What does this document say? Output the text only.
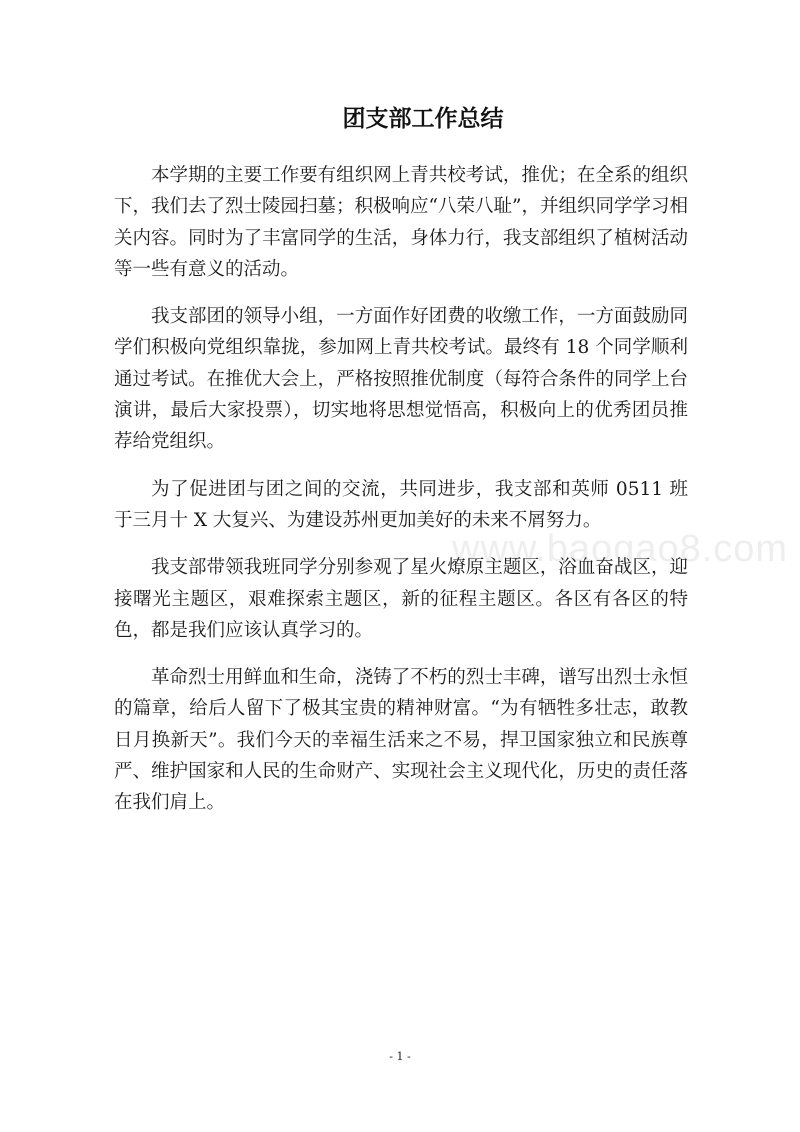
团支部工作总结

本学期的主要工作要有组织网上青共校考试，推优；在全系的组织下，我们去了烈士陵园扫墓；积极响应“八荣八耻”，并组织同学学习相关内容。同时为了丰富同学的生活，身体力行，我支部组织了植树活动等一些有意义的活动。

我支部团的领导小组，一方面作好团费的收缴工作，一方面鼓励同学们积极向党组织靠拢，参加网上青共校考试。最终有 18 个同学顺利通过考试。在推优大会上，严格按照推优制度（每符合条件的同学上台演讲，最后大家投票），切实地将思想觉悟高，积极向上的优秀团员推荐给党组织。

为了促进团与团之间的交流，共同进步，我支部和英师 0511 班于三月十 X 大复兴、为建设苏州更加美好的未来不屑努力。

我支部带领我班同学分别参观了星火燎原主题区，浴血奋战区，迎接曙光主题区，艰难探索主题区，新的征程主题区。各区有各区的特色，都是我们应该认真学习的。

革命烈士用鲜血和生命，浇铸了不朽的烈士丰碑，谱写出烈士永恒的篇章，给后人留下了极其宝贵的精神财富。“为有牺牲多壮志，敢教日月换新天”。我们今天的幸福生活来之不易，捍卫国家独立和民族尊严、维护国家和人民的生命财产、实现社会主义现代化，历史的责任落在我们肩上。

www.baogao8.com
- 1 -
